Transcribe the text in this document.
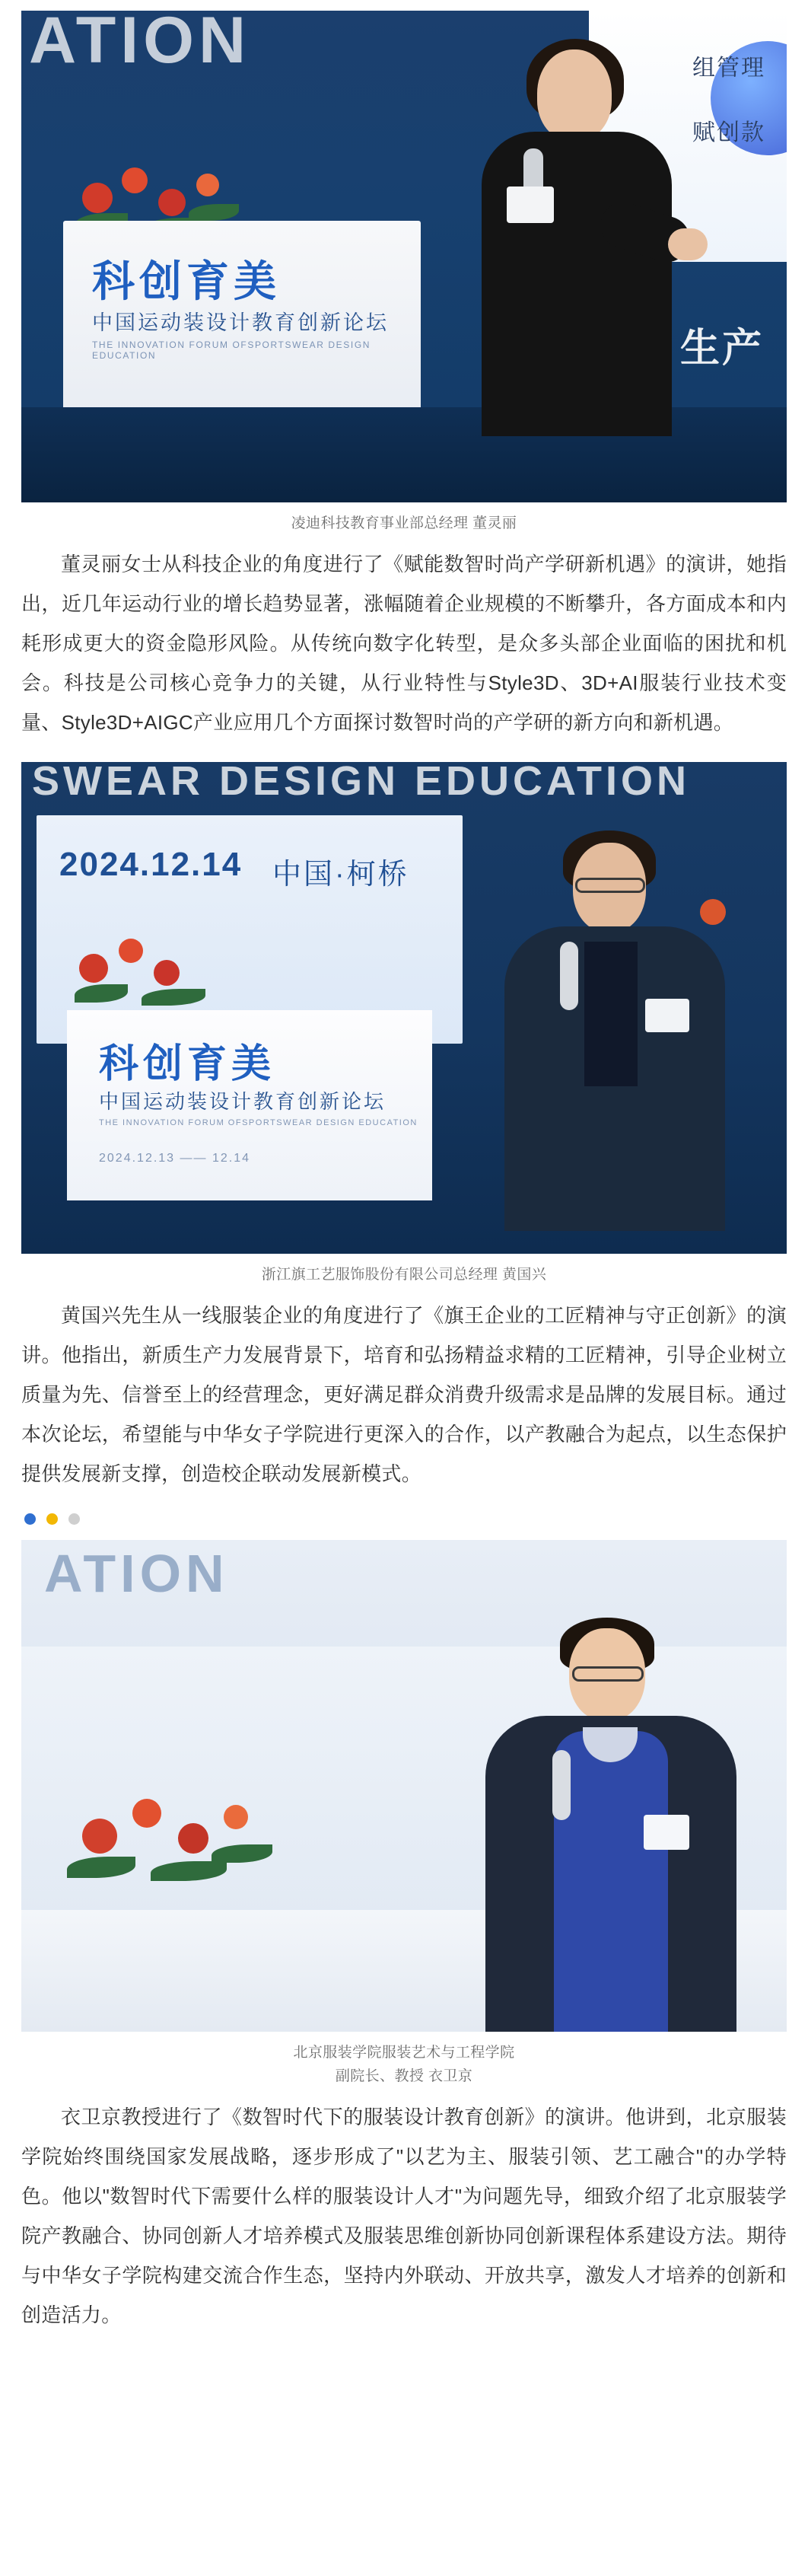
ATION	组管理
赋创款
生产
科创育美
中国运动装设计教育创新论坛
THE INNOVATION FORUM OFSPORTSWEAR DESIGN EDUCATION
凌迪科技教育事业部总经理 董灵丽

董灵丽女士从科技企业的角度进行了《赋能数智时尚产学研新机遇》的演讲，她指出，近几年运动行业的增长趋势显著，涨幅随着企业规模的不断攀升，各方面成本和内耗形成更大的资金隐形风险。从传统向数字化转型，是众多头部企业面临的困扰和机会。科技是公司核心竞争力的关键，从行业特性与Style3D、3D+AI服装行业技术变量、Style3D+AIGC产业应用几个方面探讨数智时尚的产学研的新方向和新机遇。

SWEAR DESIGN EDUCATION
2024.12.14 中国·柯桥
科创育美
中国运动装设计教育创新论坛
THE INNOVATION FORUM OFSPORTSWEAR DESIGN EDUCATION
2024.12.13 —— 12.14
浙江旗工艺服饰股份有限公司总经理 黄国兴

黄国兴先生从一线服装企业的角度进行了《旗王企业的工匠精神与守正创新》的演讲。他指出，新质生产力发展背景下，培育和弘扬精益求精的工匠精神，引导企业树立质量为先、信誉至上的经营理念，更好满足群众消费升级需求是品牌的发展目标。通过本次论坛，希望能与中华女子学院进行更深入的合作，以产教融合为起点，以生态保护提供发展新支撑，创造校企联动发展新模式。

ATION
北京服装学院服装艺术与工程学院
副院长、教授 衣卫京

衣卫京教授进行了《数智时代下的服装设计教育创新》的演讲。他讲到，北京服装学院始终围绕国家发展战略，逐步形成了"以艺为主、服装引领、艺工融合"的办学特色。他以"数智时代下需要什么样的服装设计人才"为问题先导，细致介绍了北京服装学院产教融合、协同创新人才培养模式及服装思维创新协同创新课程体系建设方法。期待与中华女子学院构建交流合作生态，坚持内外联动、开放共享，激发人才培养的创新和创造活力。
